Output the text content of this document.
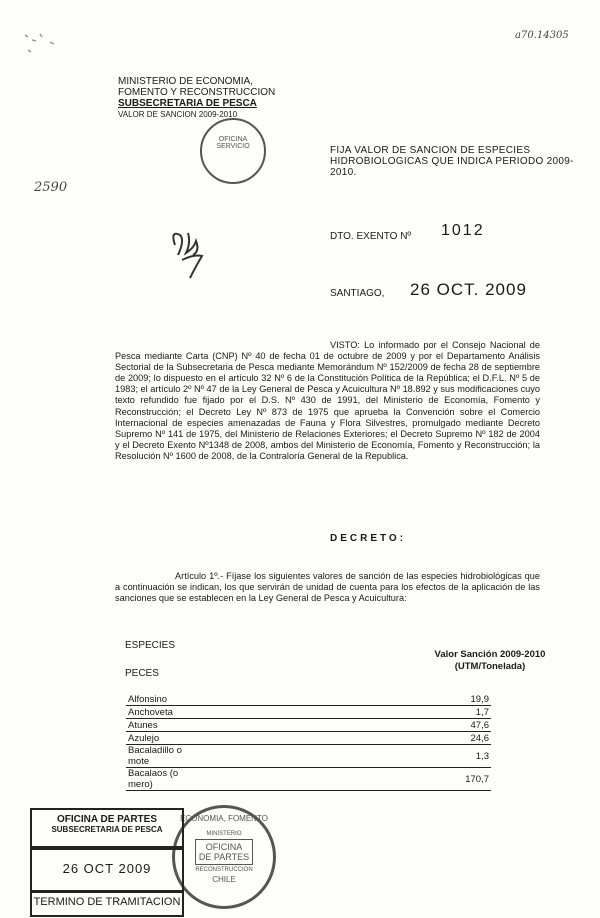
a70.14305
2590
MINISTERIO DE ECONOMIA,
FOMENTO Y RECONSTRUCCION
SUBSECRETARIA DE PESCA
VALOR DE SANCION 2009-2010
OFICINA
SERVICIO	FIJA VALOR DE SANCION DE ESPECIES HIDROBIOLOGICAS QUE INDICA PERIODO 2009-2010.
DTO. EXENTO Nº 1012
SANTIAGO, 26 OCT. 2009
VISTO: Lo informado por el Consejo Nacional de Pesca mediante Carta (CNP) Nº 40 de fecha 01 de octubre de 2009 y por el Departamento Análisis Sectorial de la Subsecretaria de Pesca mediante Memorándum Nº 152/2009 de fecha 28 de septiembre de 2009; lo dispuesto en el artículo 32 Nº 6 de la Constitución Política de la República; el D.F.L. Nº 5 de 1983; el artículo 2º Nº 47 de la Ley General de Pesca y Acuicultura Nº 18.892 y sus modificaciones cuyo texto refundido fue fijado por el D.S. Nº 430 de 1991, del Ministerio de Economía, Fomento y Reconstrucción; el Decreto Ley Nº 873 de 1975 que aprueba la Convención sobre el Comercio Internacional de especies amenazadas de Fauna y Flora Silvestres, promulgado mediante Decreto Supremo Nº 141 de 1975, del Ministerio de Relaciones Exteriores; el Decreto Supremo Nº 182 de 2004 y el Decreto Exento Nº1348 de 2008, ambos del Ministerio de Economía, Fomento y Reconstrucción; la Resolución Nº 1600 de 2008, de la Contraloría General de la Republica.
DECRETO:
Artículo 1º.- Fíjase los siguientes valores de sanción de las especies hidrobiológicas que a continuación se indican, los que servirán de unidad de cuenta para los efectos de la aplicación de las sanciones que se establecen en la Ley General de Pesca y Acuicultura:
ESPECIES
PECES
Valor Sanción 2009-2010
(UTM/Tonelada)
Alfonsino	19,9
Anchoveta	1,7
Atunes	47,6
Azulejo	24,6
Bacaladillo o mote	1,3
Bacalaos (o mero)	170,7
ECONOMIA, FOMENTO
MINISTERIO
OFICINA
DE PARTES
RECONSTRUCCION
CHILE
OFICINA DE PARTES
SUBSECRETARIA DE PESCA
26 OCT 2009
TERMINO DE TRAMITACION
